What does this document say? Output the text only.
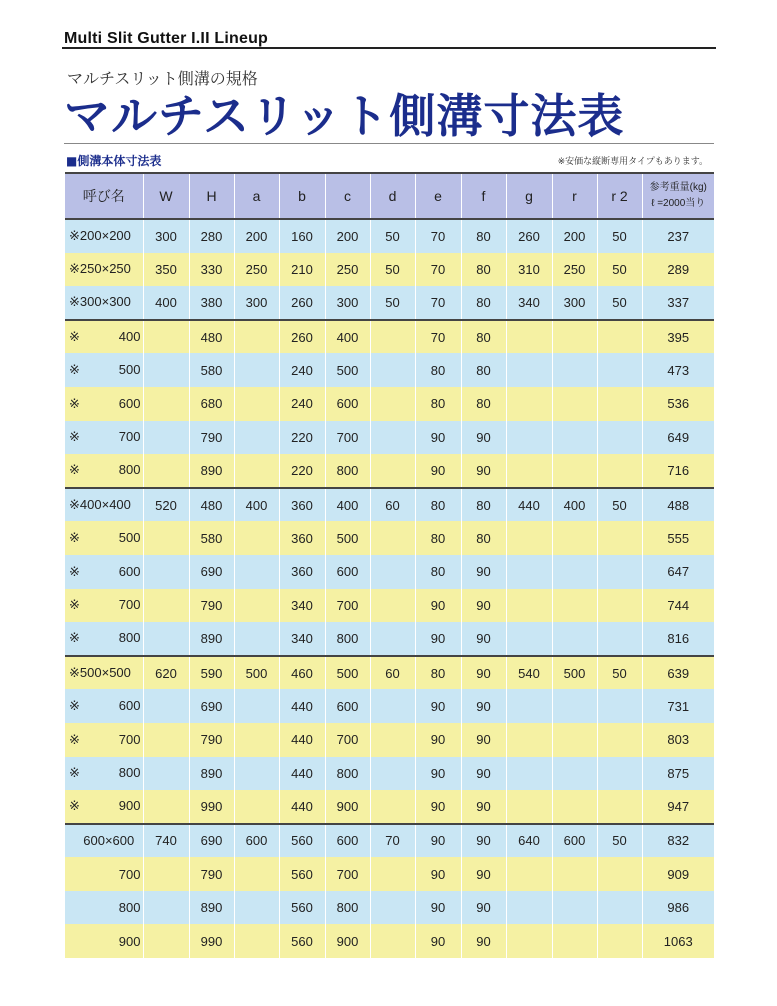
Multi Slit Gutter I.II Lineup
マルチスリット側溝の規格
マルチスリット側溝寸法表
■側溝本体寸法表	※安価な縦断専用タイプもあります。
呼び名	W	H	a	b	c	d	e	f	g	r	r 2	参考重量(kg)
ℓ =2000当り

※ 200×200	300	280	200	160	200	50	70	80	260	200	50	237

※ 250×250	350	330	250	210	250	50	70	80	310	250	50	289

※ 300×300	400	380	300	260	300	50	70	80	340	300	50	337

※ 400		480		260	400		70	80				395

※ 500		580		240	500		80	80				473

※ 600		680		240	600		80	80				536

※ 700		790		220	700		90	90				649

※ 800		890		220	800		90	90				716

※ 400×400	520	480	400	360	400	60	80	80	440	400	50	488

※ 500		580		360	500		80	80				555

※ 600		690		360	600		80	90				647

※ 700		790		340	700		90	90				744

※ 800		890		340	800		90	90				816

※ 500×500	620	590	500	460	500	60	80	90	540	500	50	639

※ 600		690		440	600		90	90				731

※ 700		790		440	700		90	90				803

※ 800		890		440	800		90	90				875

※ 900		990		440	900		90	90				947

600×600	740	690	600	560	600	70	90	90	640	600	50	832

700		790		560	700		90	90				909

800		890		560	800		90	90				986

900		990		560	900		90	90				1063
